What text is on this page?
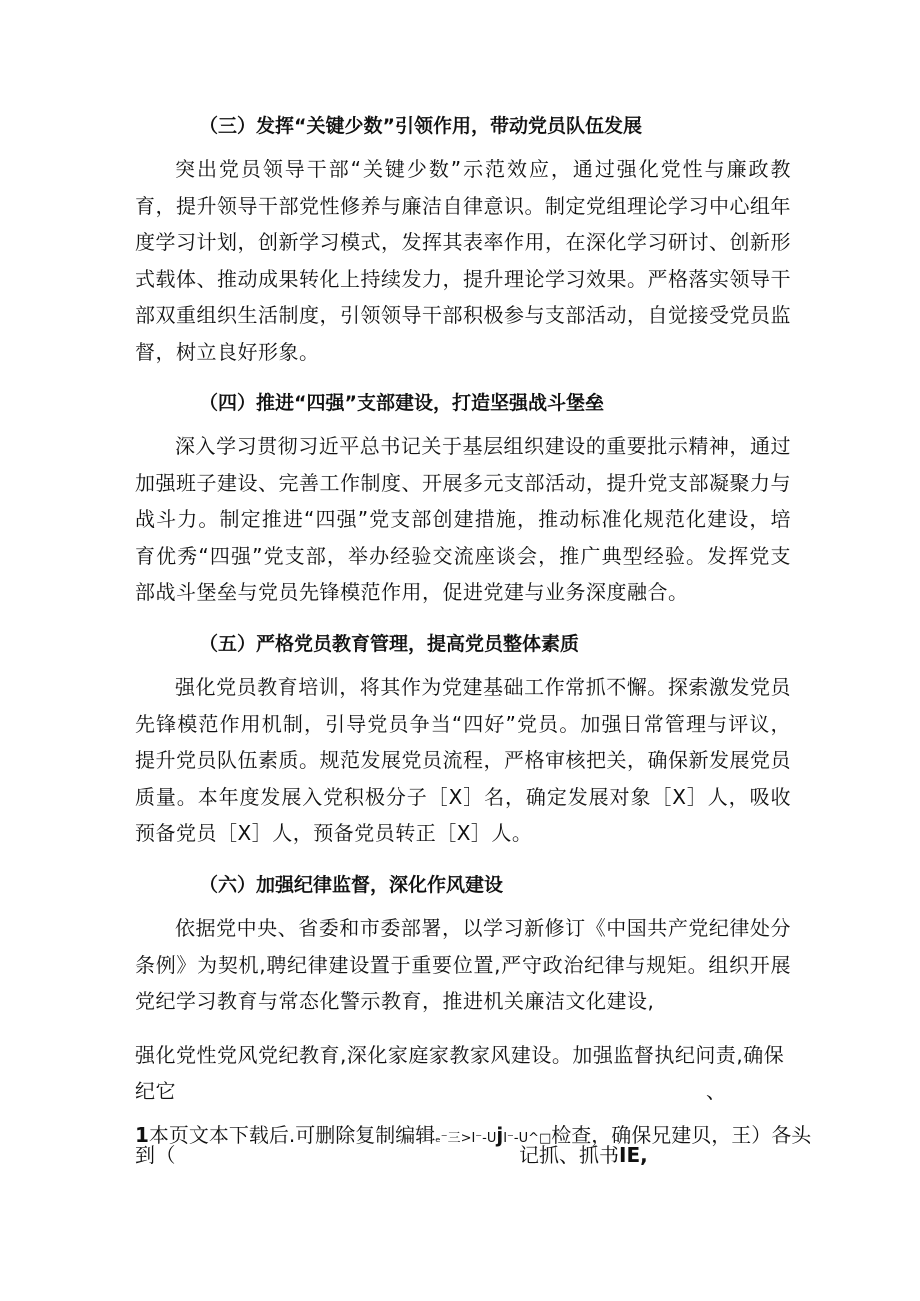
（三）发挥“关键少数”引领作用，带动党员队伍发展
突出党员领导干部“关键少数”示范效应，通过强化党性与廉政教育，提升领导干部党性修养与廉洁自律意识。制定党组理论学习中心组年度学习计划，创新学习模式，发挥其表率作用，在深化学习研讨、创新形式载体、推动成果转化上持续发力，提升理论学习效果。严格落实领导干部双重组织生活制度，引领领导干部积极参与支部活动，自觉接受党员监督，树立良好形象。
（四）推进“四强”支部建设，打造坚强战斗堡垒
深入学习贯彻习近平总书记关于基层组织建设的重要批示精神，通过加强班子建设、完善工作制度、开展多元支部活动，提升党支部凝聚力与战斗力。制定推进“四强”党支部创建措施，推动标准化规范化建设，培育优秀“四强”党支部，举办经验交流座谈会，推广典型经验。发挥党支部战斗堡垒与党员先锋模范作用，促进党建与业务深度融合。
（五）严格党员教育管理，提高党员整体素质
强化党员教育培训，将其作为党建基础工作常抓不懈。探索激发党员先锋模范作用机制，引导党员争当“四好”党员。加强日常管理与评议，提升党员队伍素质。规范发展党员流程，严格审核把关，确保新发展党员质量。本年度发展入党积极分子［X］名，确定发展对象［X］人，吸收预备党员［X］人，预备党员转正［X］人。
（六）加强纪律监督，深化作风建设
依据党中央、省委和市委部署，以学习新修订《中国共产党纪律处分条例》为契机,聘纪律建设置于重要位置,严守政治纪律与规矩。组织开展党纪学习教育与常态化警示教育，推进机关廉洁文化建设,
强化党性党风党纪教育,深化家庭家教家风建设。加强监督执纪问责,确保
纪它	、
1本页文本下载后.可删除复制编辑ₑ⁻三>I⁻-UjI⁻-U^□检查，确保兄建贝，王）各头
到（	记抓、抓书IE,
